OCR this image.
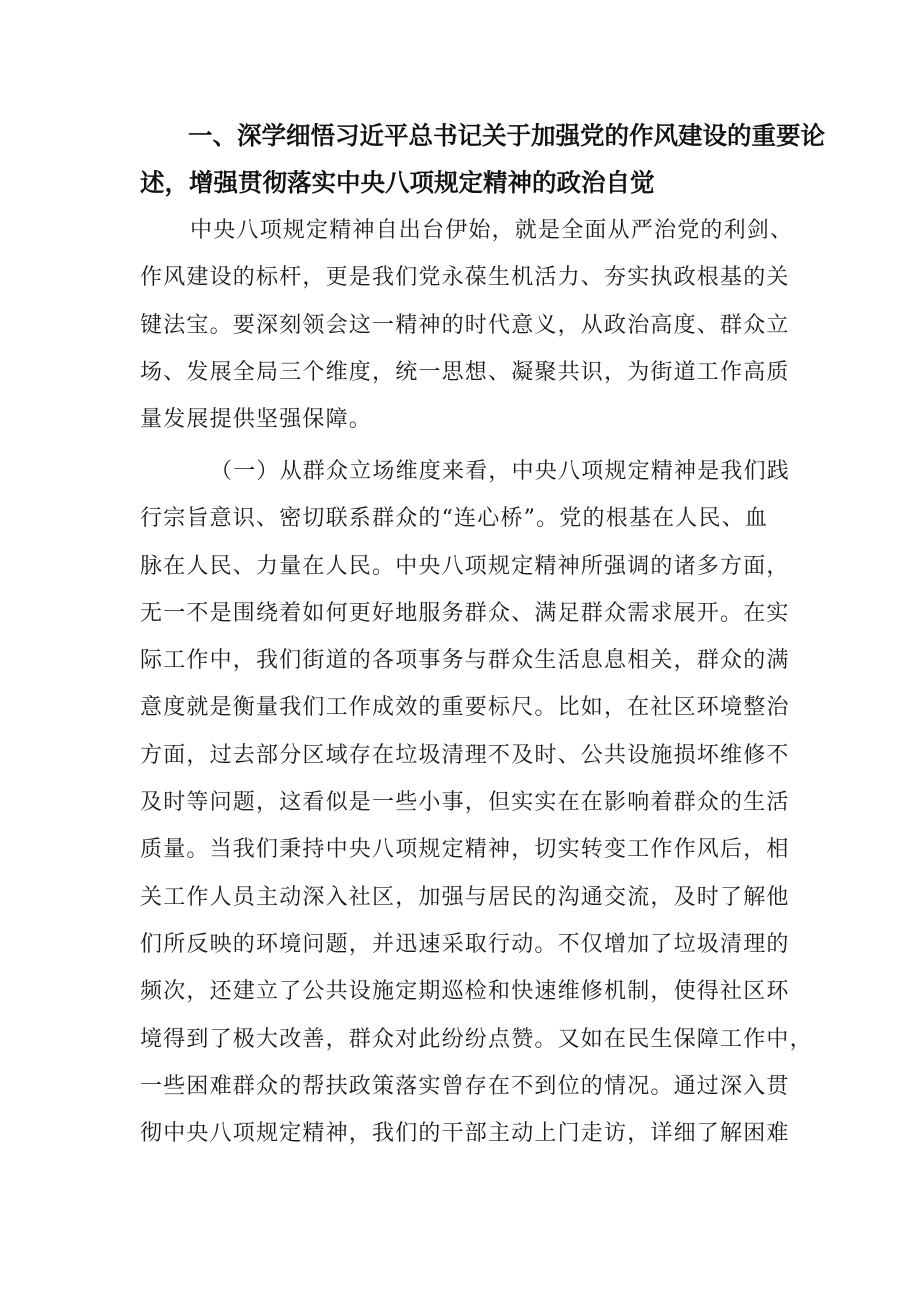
一、深学细悟习近平总书记关于加强党的作风建设的重要论
述，增强贯彻落实中央八项规定精神的政治自觉

中央八项规定精神自出台伊始，就是全面从严治党的利剑、
作风建设的标杆，更是我们党永葆生机活力、夯实执政根基的关
键法宝。要深刻领会这一精神的时代意义，从政治高度、群众立
场、发展全局三个维度，统一思想、凝聚共识，为街道工作高质
量发展提供坚强保障。

（一）从群众立场维度来看，中央八项规定精神是我们践
行宗旨意识、密切联系群众的“连心桥”。党的根基在人民、血
脉在人民、力量在人民。中央八项规定精神所强调的诸多方面，
无一不是围绕着如何更好地服务群众、满足群众需求展开。在实
际工作中，我们街道的各项事务与群众生活息息相关，群众的满
意度就是衡量我们工作成效的重要标尺。比如，在社区环境整治
方面，过去部分区域存在垃圾清理不及时、公共设施损坏维修不
及时等问题，这看似是一些小事，但实实在在影响着群众的生活
质量。当我们秉持中央八项规定精神，切实转变工作作风后，相
关工作人员主动深入社区，加强与居民的沟通交流，及时了解他
们所反映的环境问题，并迅速采取行动。不仅增加了垃圾清理的
频次，还建立了公共设施定期巡检和快速维修机制，使得社区环
境得到了极大改善，群众对此纷纷点赞。又如在民生保障工作中，
一些困难群众的帮扶政策落实曾存在不到位的情况。通过深入贯
彻中央八项规定精神，我们的干部主动上门走访，详细了解困难
